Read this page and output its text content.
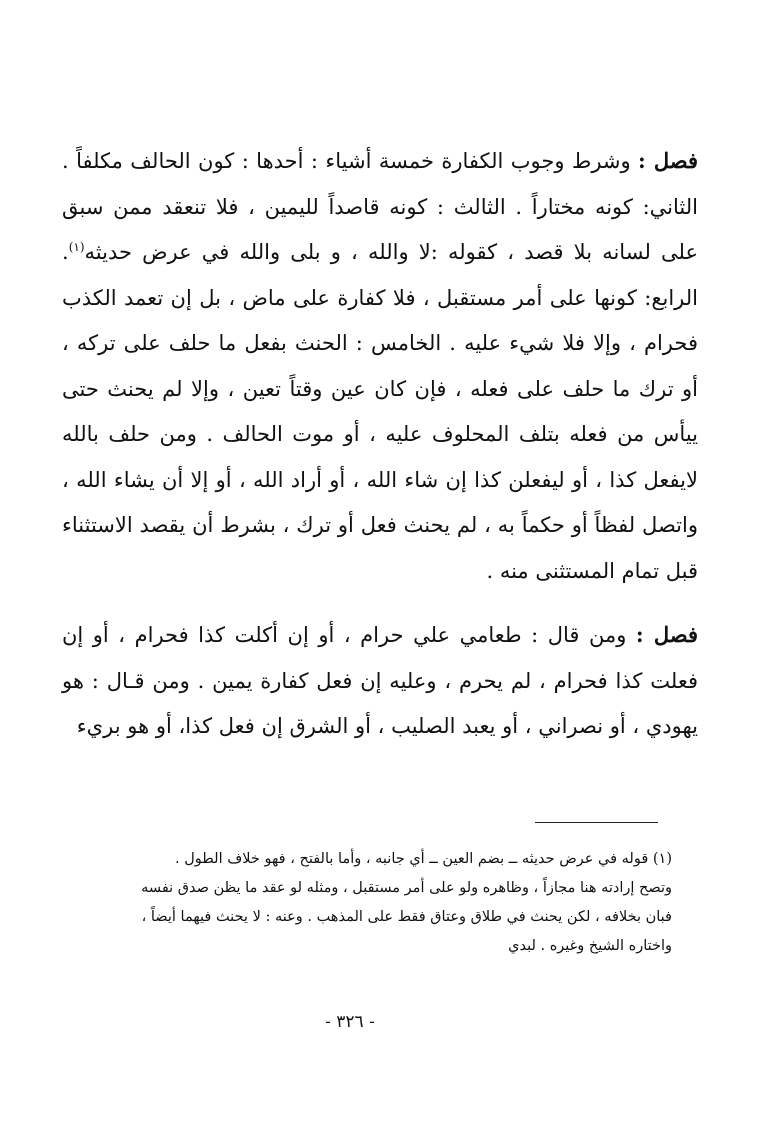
فصل : وشرط وجوب الكفارة خمسة أشياء : أحدها : كون الحالف مكلفاً . الثاني: كونه مختاراً . الثالث : كونه قاصداً لليمين ، فلا تنعقد ممن سبق على لسانه بلا قصد ، كقوله :لا والله ، و بلى والله في عرض حديثه$^{(١)}$. الرابع: كونها على أمر مستقبل ، فلا كفارة على ماض ، بل إن تعمد الكذب فحرام ، وإلا فلا شيء عليه . الخامس : الحنث بفعل ما حلف على تركه ، أو ترك ما حلف على فعله ، فإن كان عين وقتاً تعين ، وإلا لم يحنث حتى ييأس من فعله بتلف المحلوف عليه ، أو موت الحالف . ومن حلف بالله لايفعل كذا ، أو ليفعلن كذا إن شاء الله ، أو أراد الله ، أو إلا أن يشاء الله ، واتصل لفظاً أو حكماً به ، لم يحنث فعل أو ترك ، بشرط أن يقصد الاستثناء قبل تمام المستثنى منه .

فصل : ومن قال : طعامي علي حرام ، أو إن أكلت كذا فحرام ، أو إن فعلت كذا فحرام ، لم يحرم ، وعليه إن فعل كفارة يمين . ومن قـال : هو يهودي ، أو نصراني ، أو يعبد الصليب ، أو الشرق إن فعل كذا، أو هو بريء

(١) قوله في عرض حديثه ــ بضم العين ــ أي جانبه ، وأما بالفتح ، فهو خلاف الطول .

وتصح إرادته هنا مجازاً ، وظاهره ولو على أمر مستقبل ، ومثله لو عقد ما يظن صدق نفسه

فبان بخلافه ، لكن يحنث في طلاق وعتاق فقط على المذهب . وعنه : لا يحنث فيهما أيضاً ،

واختاره الشيخ وغيره . لبدي

- ٣٢٦ -
